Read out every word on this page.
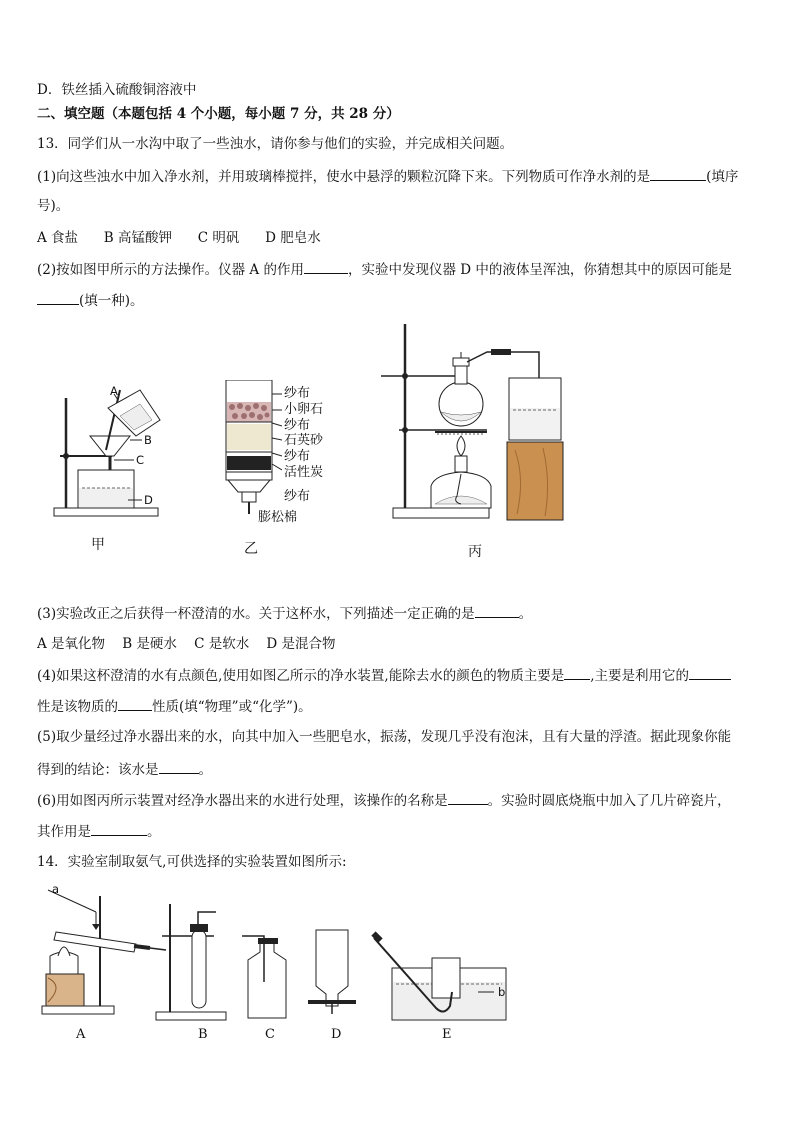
D．铁丝插入硫酸铜溶液中
二、填空题（本题包括 4 个小题，每小题 7 分，共 28 分）
13．同学们从一水沟中取了一些浊水，请你参与他们的实验，并完成相关问题。
(1)向这些浊水中加入净水剂，并用玻璃棒搅拌，使水中悬浮的颗粒沉降下来。下列物质可作净水剂的是	(填序
号)。
A 食盐      B 高锰酸钾      C 明矾      D 肥皂水
(2)按如图甲所示的方法操作。仪器 A 的作用	，实验中发现仪器 D 中的液体呈浑浊，你猜想其中的原因可能是
(填一种)。
(3)实验改正之后获得一杯澄清的水。关于这杯水，下列描述一定正确的是	。
A 是氧化物    B 是硬水    C 是软水    D 是混合物
(4)如果这杯澄清的水有点颜色,使用如图乙所示的净水装置,能除去水的颜色的物质主要是 ,主要是利用它的
性是该物质的	性质(填“物理”或“化学”)。
(5)取少量经过净水器出来的水，向其中加入一些肥皂水，振荡，发现几乎没有泡沫，且有大量的浮渣。据此现象你能
得到的结论：该水是	。
(6)用如图丙所示装置对经净水器出来的水进行处理，该操作的名称是	。实验时圆底烧瓶中加入了几片碎瓷片，
其作用是	。
14．实验室制取氨气,可供选择的实验装置如图所示:
A
B
C
D
甲
纱布
小卵石
纱布
石英砂
纱布
活性炭
纱布
膨松棉
乙	丙
a
b
A	B	C	D	E
